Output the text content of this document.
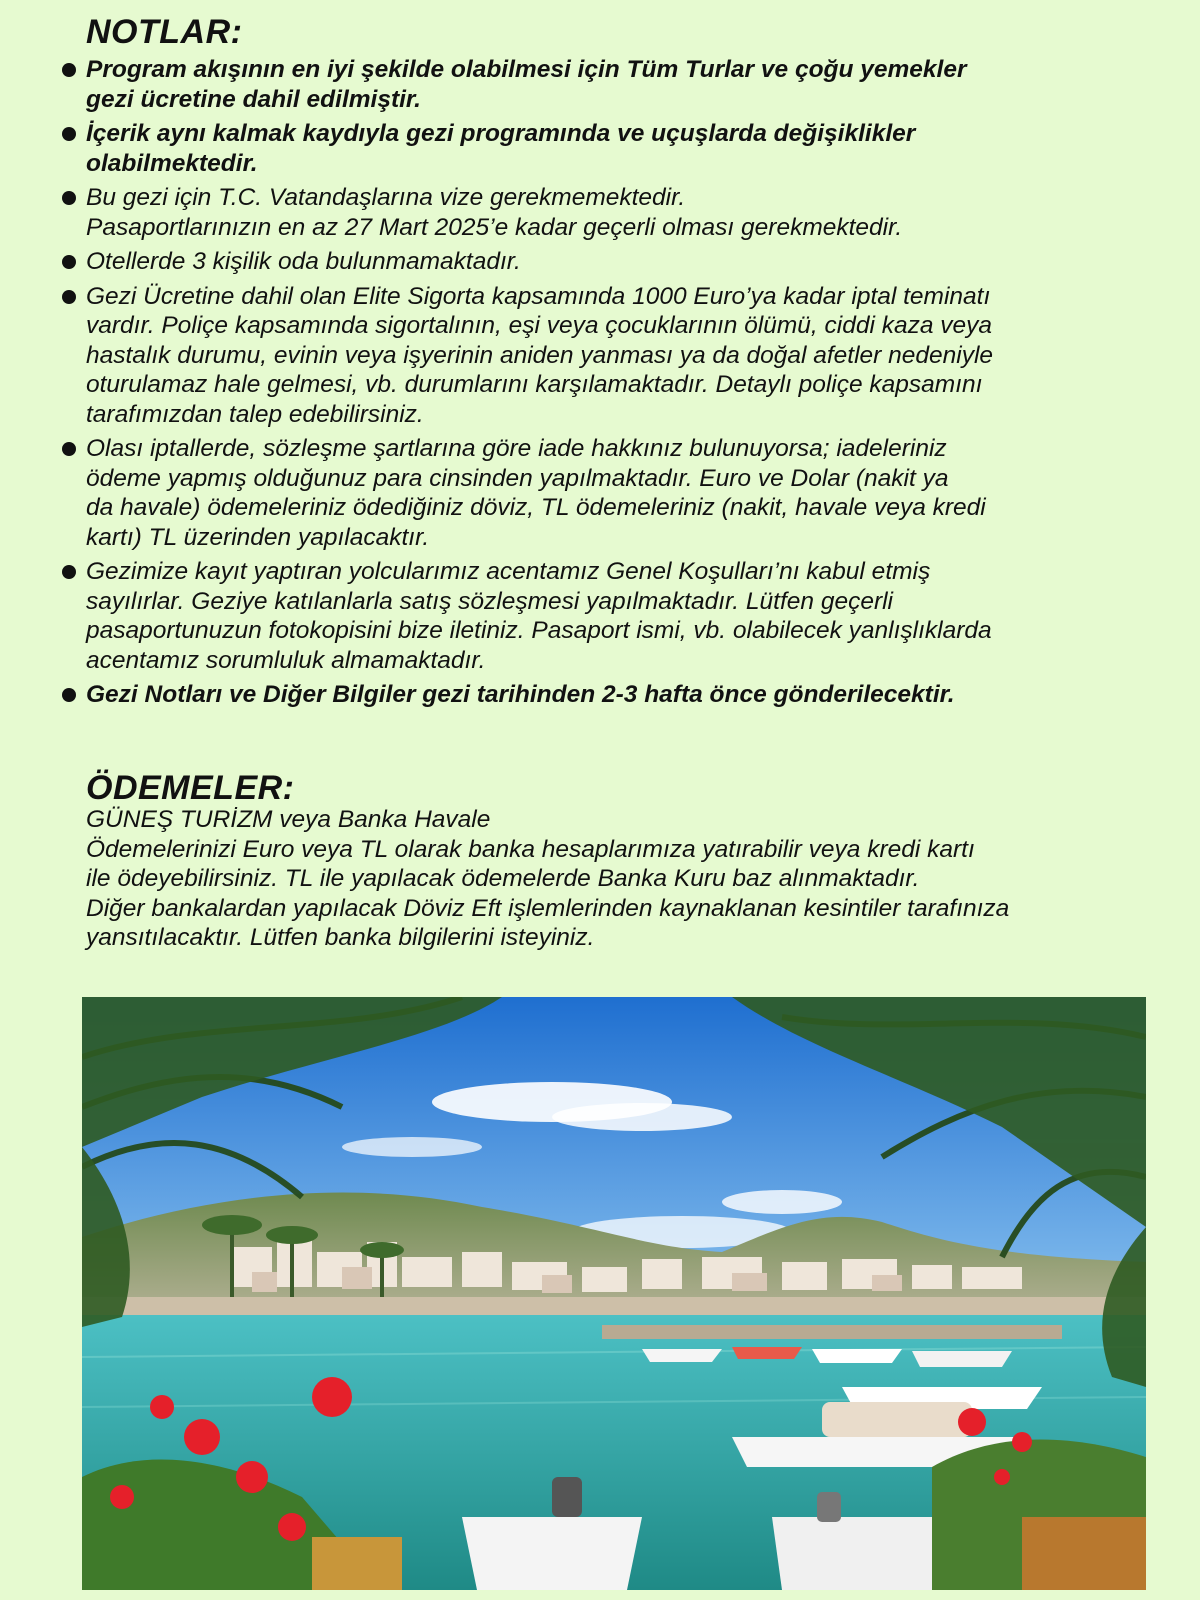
NOTLAR:
Program akışının en iyi şekilde olabilmesi için Tüm Turlar ve çoğu yemekler
gezi ücretine dahil edilmiştir.
İçerik aynı kalmak kaydıyla gezi programında ve uçuşlarda değişiklikler
olabilmektedir.
Bu gezi için T.C. Vatandaşlarına vize gerekmemektedir.
Pasaportlarınızın en az 27 Mart 2025’e kadar geçerli olması gerekmektedir.
Otellerde 3 kişilik oda bulunmamaktadır.
Gezi Ücretine dahil olan Elite Sigorta kapsamında 1000 Euro’ya kadar iptal teminatı
vardır. Poliçe kapsamında sigortalının, eşi veya çocuklarının ölümü, ciddi kaza veya
hastalık durumu, evinin veya işyerinin aniden yanması ya da doğal afetler nedeniyle
oturulamaz hale gelmesi, vb. durumlarını karşılamaktadır. Detaylı poliçe kapsamını
tarafımızdan talep edebilirsiniz.
Olası iptallerde, sözleşme şartlarına göre iade hakkınız bulunuyorsa; iadeleriniz
ödeme yapmış olduğunuz para cinsinden yapılmaktadır. Euro ve Dolar (nakit ya
da havale) ödemeleriniz ödediğiniz döviz, TL ödemeleriniz (nakit, havale veya kredi
kartı) TL üzerinden yapılacaktır.
Gezimize kayıt yaptıran yolcularımız acentamız Genel Koşulları’nı kabul etmiş
sayılırlar. Geziye katılanlarla satış sözleşmesi yapılmaktadır. Lütfen geçerli
pasaportunuzun fotokopisini bize iletiniz. Pasaport ismi, vb. olabilecek yanlışlıklarda
acentamız sorumluluk almamaktadır.
Gezi Notları ve Diğer Bilgiler gezi tarihinden 2-3 hafta önce gönderilecektir.
ÖDEMELER:
GÜNEŞ TURİZM veya Banka Havale
Ödemelerinizi Euro veya TL olarak banka hesaplarımıza yatırabilir veya kredi kartı
ile ödeyebilirsiniz. TL ile yapılacak ödemelerde Banka Kuru baz alınmaktadır.
Diğer bankalardan yapılacak Döviz Eft işlemlerinden kaynaklanan kesintiler tarafınıza
yansıtılacaktır. Lütfen banka bilgilerini isteyiniz.
